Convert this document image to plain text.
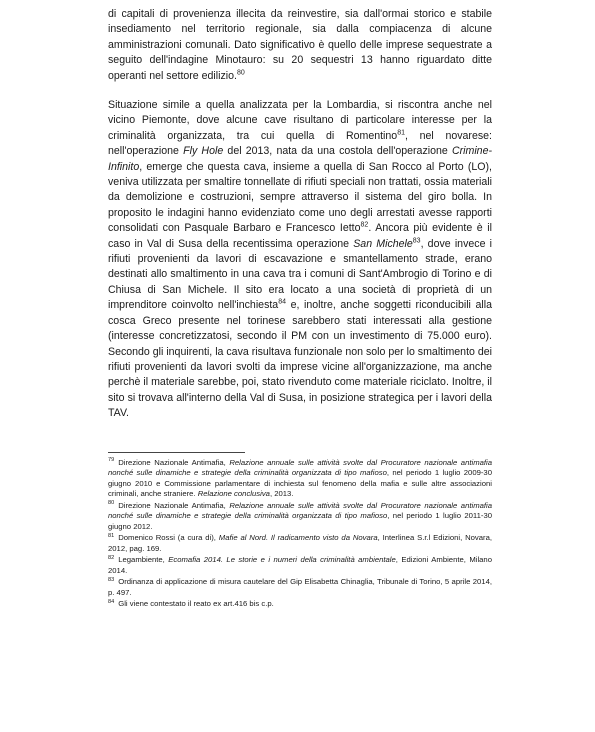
di capitali di provenienza illecita da reinvestire, sia dall'ormai storico e stabile insediamento nel territorio regionale, sia dalla compiacenza di alcune amministrazioni comunali. Dato significativo è quello delle imprese sequestrate a seguito dell'indagine Minotauro: su 20 sequestri 13 hanno riguardato ditte operanti nel settore edilizio.$^{80}$

Situazione simile a quella analizzata per la Lombardia, si riscontra anche nel vicino Piemonte, dove alcune cave risultano di particolare interesse per la criminalità organizzata, tra cui quella di Romentino$^{81}$, nel novarese: nell'operazione Fly Hole del 2013, nata da una costola dell'operazione Crimine-Infinito, emerge che questa cava, insieme a quella di San Rocco al Porto (LO), veniva utilizzata per smaltire tonnellate di rifiuti speciali non trattati, ossia materiali da demolizione e costruzioni, sempre attraverso il sistema del giro bolla. In proposito le indagini hanno evidenziato come uno degli arrestati avesse rapporti consolidati con Pasquale Barbaro e Francesco Ietto$^{82}$. Ancora più evidente è il caso in Val di Susa della recentissima operazione San Michele$^{83}$, dove invece i rifiuti provenienti da lavori di escavazione e smantellamento strade, erano destinati allo smaltimento in una cava tra i comuni di Sant'Ambrogio di Torino e di Chiusa di San Michele. Il sito era locato a una società di proprietà di un imprenditore coinvolto nell'inchiesta$^{84}$ e, inoltre, anche soggetti riconducibili alla cosca Greco presente nel torinese sarebbero stati interessati alla gestione (interesse concretizzatosi, secondo il PM con un investimento di 75.000 euro). Secondo gli inquirenti, la cava risultava funzionale non solo per lo smaltimento dei rifiuti provenienti da lavori svolti da imprese vicine all'organizzazione, ma anche perchè il materiale sarebbe, poi, stato rivenduto come materiale riciclato. Inoltre, il sito si trovava all'interno della Val di Susa, in posizione strategica per i lavori della TAV.

$^{79}$ Direzione Nazionale Antimafia, Relazione annuale sulle attività svolte dal Procuratore nazionale antimafia nonché sulle dinamiche e strategie della criminalità organizzata di tipo mafioso, nel periodo 1 luglio 2009-30 giugno 2010 e Commissione parlamentare di inchiesta sul fenomeno della mafia e sulle altre associazioni criminali, anche straniere. Relazione conclusiva, 2013.

$^{80}$ Direzione Nazionale Antimafia, Relazione annuale sulle attività svolte dal Procuratore nazionale antimafia nonché sulle dinamiche e strategie della criminalità organizzata di tipo mafioso, nel periodo 1 luglio 2011-30 giugno 2012.

$^{81}$ Domenico Rossi (a cura di), Mafie al Nord. Il radicamento visto da Novara, Interlinea S.r.l Edizioni, Novara, 2012, pag. 169.

$^{82}$ Legambiente, Ecomafia 2014. Le storie e i numeri della criminalità ambientale, Edizioni Ambiente, Milano 2014.

$^{83}$ Ordinanza di applicazione di misura cautelare del Gip Elisabetta Chinaglia, Tribunale di Torino, 5 aprile 2014, p. 497.

$^{84}$ Gli viene contestato il reato ex art.416 bis c.p.
